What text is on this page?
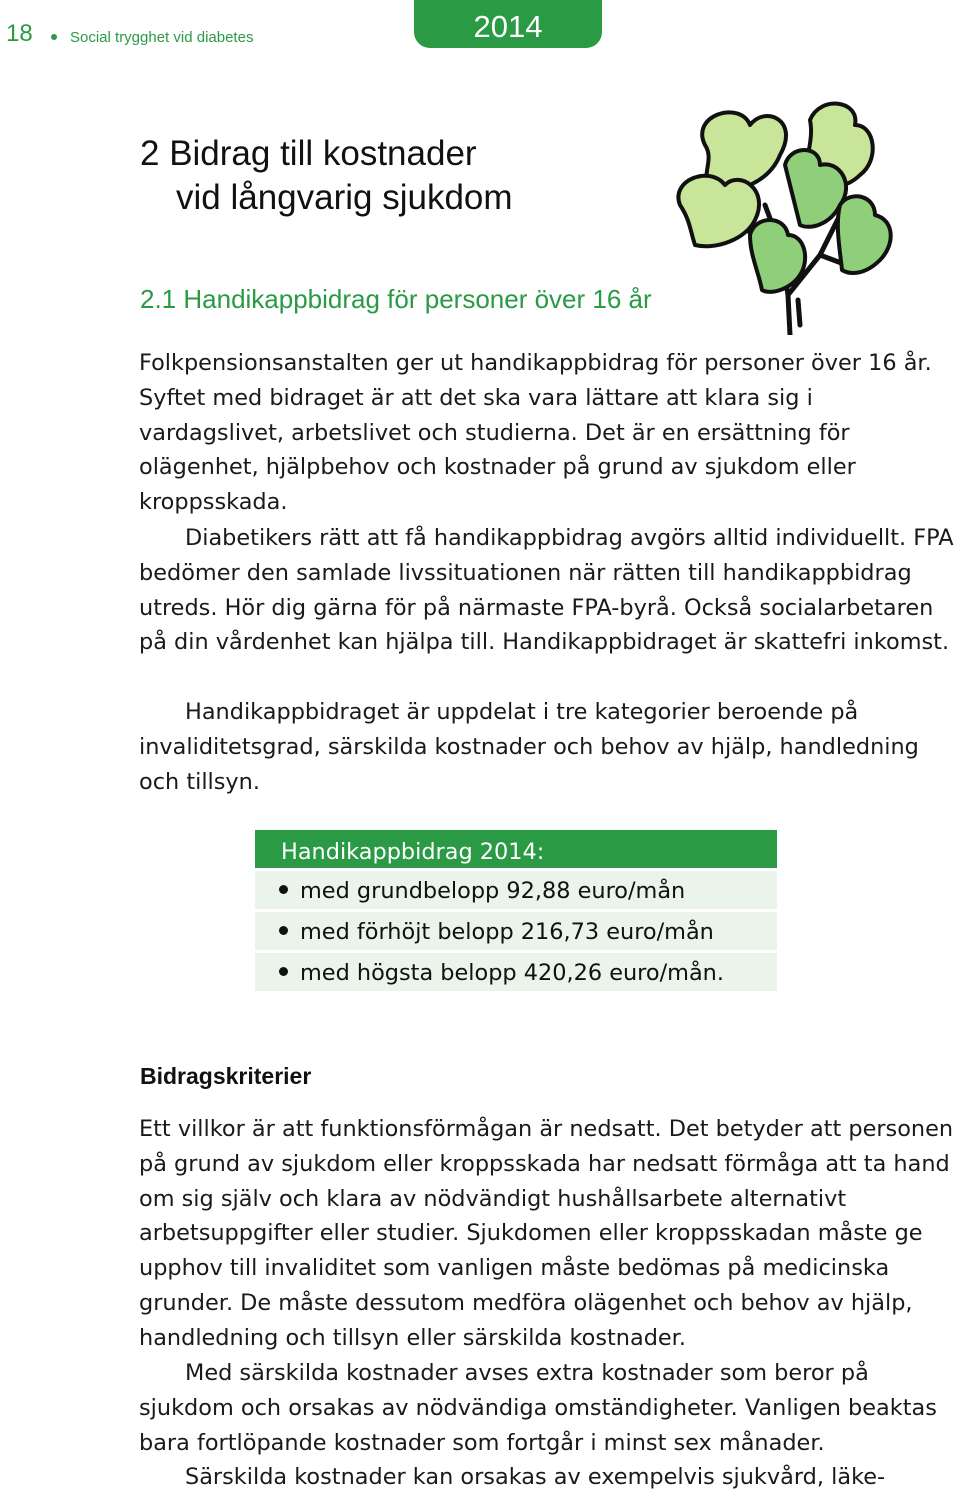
18 Social trygghet vid diabetes	2014
2 Bidrag till kostnader
vid långvarig sjukdom
2.1 Handikappbidrag för personer över 16 år

Folkpensionsanstalten ger ut handikappbidrag för personer över 16 år. Syftet med bidraget är att det ska vara lättare att klara sig i vardagslivet, arbetslivet och studierna. Det är en ersättning för olägenhet, hjälpbehov och kostnader på grund av sjukdom eller kroppsskada.

Diabetikers rätt att få handikappbidrag avgörs alltid individuellt. FPA bedömer den samlade livssituationen när rätten till handikappbidrag utreds. Hör dig gärna för på närmaste FPA-byrå. Också socialarbetaren på din vårdenhet kan hjälpa till. Handikappbidraget är skattefri inkomst.

Handikappbidraget är uppdelat i tre kategorier beroende på invaliditetsgrad, särskilda kostnader och behov av hjälp, handledning och tillsyn.

Handikappbidrag 2014:
med grundbelopp 92,88 euro/mån
med förhöjt belopp 216,73 euro/mån
med högsta belopp 420,26 euro/mån.
Bidragskriterier

Ett villkor är att funktionsförmågan är nedsatt. Det betyder att personen på grund av sjukdom eller kroppsskada har nedsatt förmåga att ta hand om sig själv och klara av nödvändigt hushållsarbete alternativt arbetsuppgifter eller studier. Sjukdomen eller kroppsskadan måste ge upphov till invaliditet som vanligen måste bedömas på medicinska grunder. De måste dessutom medföra olägenhet och behov av hjälp, handledning och tillsyn eller särskilda kostnader.

Med särskilda kostnader avses extra kostnader som beror på sjukdom och orsakas av nödvändiga omständigheter. Vanligen beaktas bara fortlöpande kostnader som fortgår i minst sex månader.

Särskilda kostnader kan orsakas av exempelvis sjukvård, läke-
